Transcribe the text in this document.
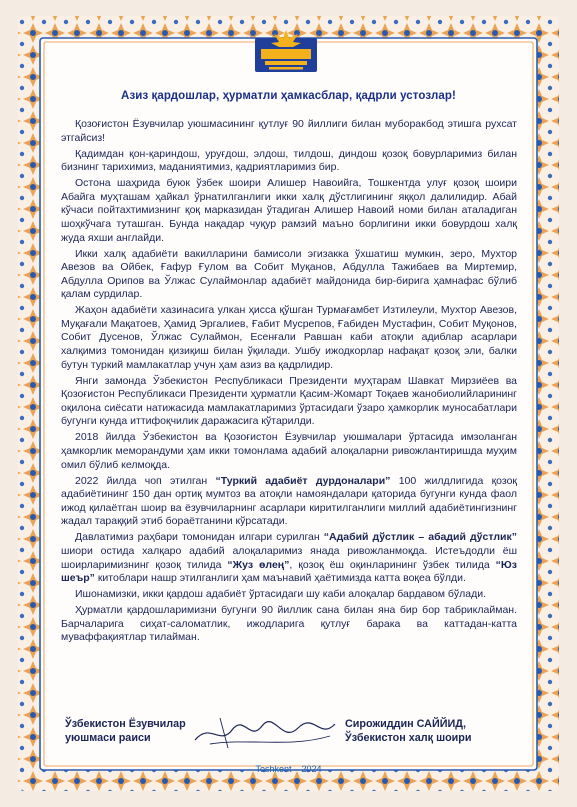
Азиз қардошлар, ҳурматли ҳамкасблар, қадрли устозлар!

Қозоғистон Ёзувчилар уюшмасининг қутлуғ 90 йиллиги билан муборакбод этишга рухсат этгайсиз!

Қадимдан қон-қариндош, уруғдош, элдош, тилдош, диндош қозоқ бовурларимиз билан бизнинг тарихимиз, маданиятимиз, қадриятларимиз бир.

Остона шаҳрида буюк ўзбек шоири Алишер Навоийга, Тошкентда улуғ қозоқ шоири Абайга муҳташам ҳайкал ўрнатилганлиги икки халқ дўстлигининг яққол далилидир. Абай кўчаси пойтахтимизнинг қоқ марказидан ўтадиган Алишер Навоий номи билан аталадиган шоҳкўчага туташган. Бунда нақадар чуқур рамзий маъно борлигини икки бовурдош халқ жуда яхши англайди.

Икки халқ адабиёти вакилларини бамисоли эгизакка ўхшатиш мумкин, зеро, Мухтор Авезов ва Ойбек, Ғафур Ғулом ва Собит Муқанов, Абдулла Тажибаев ва Миртемир, Абдулла Орипов ва Ўлжас Сулаймонлар адабиёт майдонида бир-бирига ҳамнафас бўлиб қалам сурдилар.

Жаҳон адабиёти хазинасига улкан ҳисса қўшган Турмағамбет Изтилеули, Мухтор Авезов, Муқағали Мақатоев, Ҳамид Эргалиев, Ғабит Мусрепов, Ғабиден Мустафин, Собит Муқонов, Собит Дусенов, Ўлжас Сулаймон, Есенғали Равшан каби атоқли адиблар асарлари халқимиз томонидан қизиқиш билан ўқилади. Ушбу ижодкорлар нафақат қозоқ эли, балки бутун туркий мамлакатлар учун ҳам азиз ва қадрлидир.

Янги замонда Ўзбекистон Республикаси Президенти муҳтарам Шавкат Мирзиёев ва Қозоғистон Республикаси Президенти ҳурматли Қасим-Жомарт Тоқаев жанобиолийларининг оқилона сиёсати натижасида мамлакатларимиз ўртасидаги ўзаро ҳамкорлик муносабатлари бугунги кунда иттифоқчилик даражасига кўтарилди.

2018 йилда Ўзбекистон ва Қозоғистон Ёзувчилар уюшмалари ўртасида имзоланган ҳамкорлик меморандуми ҳам икки томонлама адабий алоқаларни ривожлантиришда муҳим омил бўлиб келмоқда.

2022 йилда чоп этилган “Туркий адабиёт дурдоналари” 100 жилдлигида қозоқ адабиётининг 150 дан ортиқ мумтоз ва атоқли намояндалари қаторида бугунги кунда фаол ижод қилаётган шоир ва ёзувчиларнинг асарлари киритилганлиги миллий адабиётингизнинг жадал тараққий этиб бораётганини кўрсатади.

Давлатимиз раҳбари томонидан илгари сурилган “Адабий дўстлик – абадий дўстлик” шиори остида халқаро адабий алоқаларимиз янада ривожланмоқда. Истеъдодли ёш шоирларимизнинг қозоқ тилида “Жуз өлең”, қозоқ ёш оқинларининг ўзбек тилида “Юз шеър” китоблари нашр этилганлиги ҳам маънавий ҳаётимизда катта воқеа бўлди.

Ишонамизки, икки қардош адабиёт ўртасидаги шу каби алоқалар бардавом бўлади.

Ҳурматли қардошларимизни бугунги 90 йиллик сана билан яна бир бор табриклайман. Барчаларига сиҳат-саломатлик, ижодларига қутлуғ барака ва каттадан-катта муваффақиятлар тилайман.

Ўзбекистон Ёзувчилар
уюшмаси раиси
Сирожиддин САЙЙИД,
Ўзбекистон халқ шоири
Toshkent – 2024
